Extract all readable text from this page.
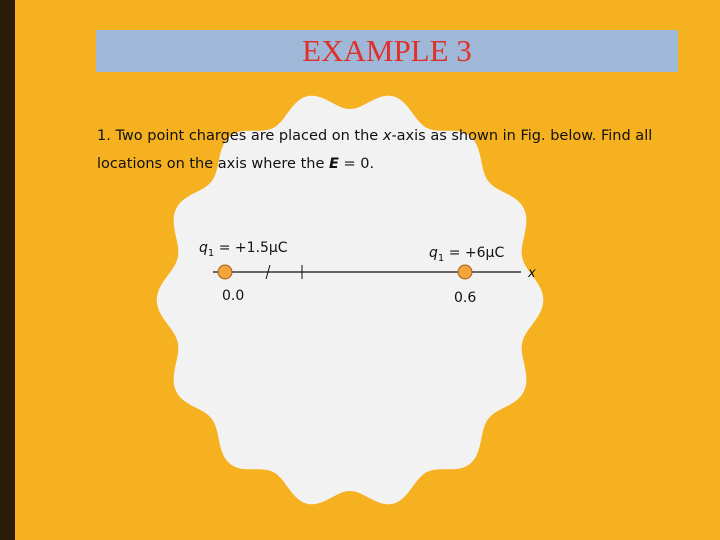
EXAMPLE 3

1. Two point charges are placed on the x-axis as shown in Fig. below. Find all locations on the axis where the E = 0.

$q_1 = +1.5\mu C$	$q_1 = +6\mu C$
0.0	0.6
x
